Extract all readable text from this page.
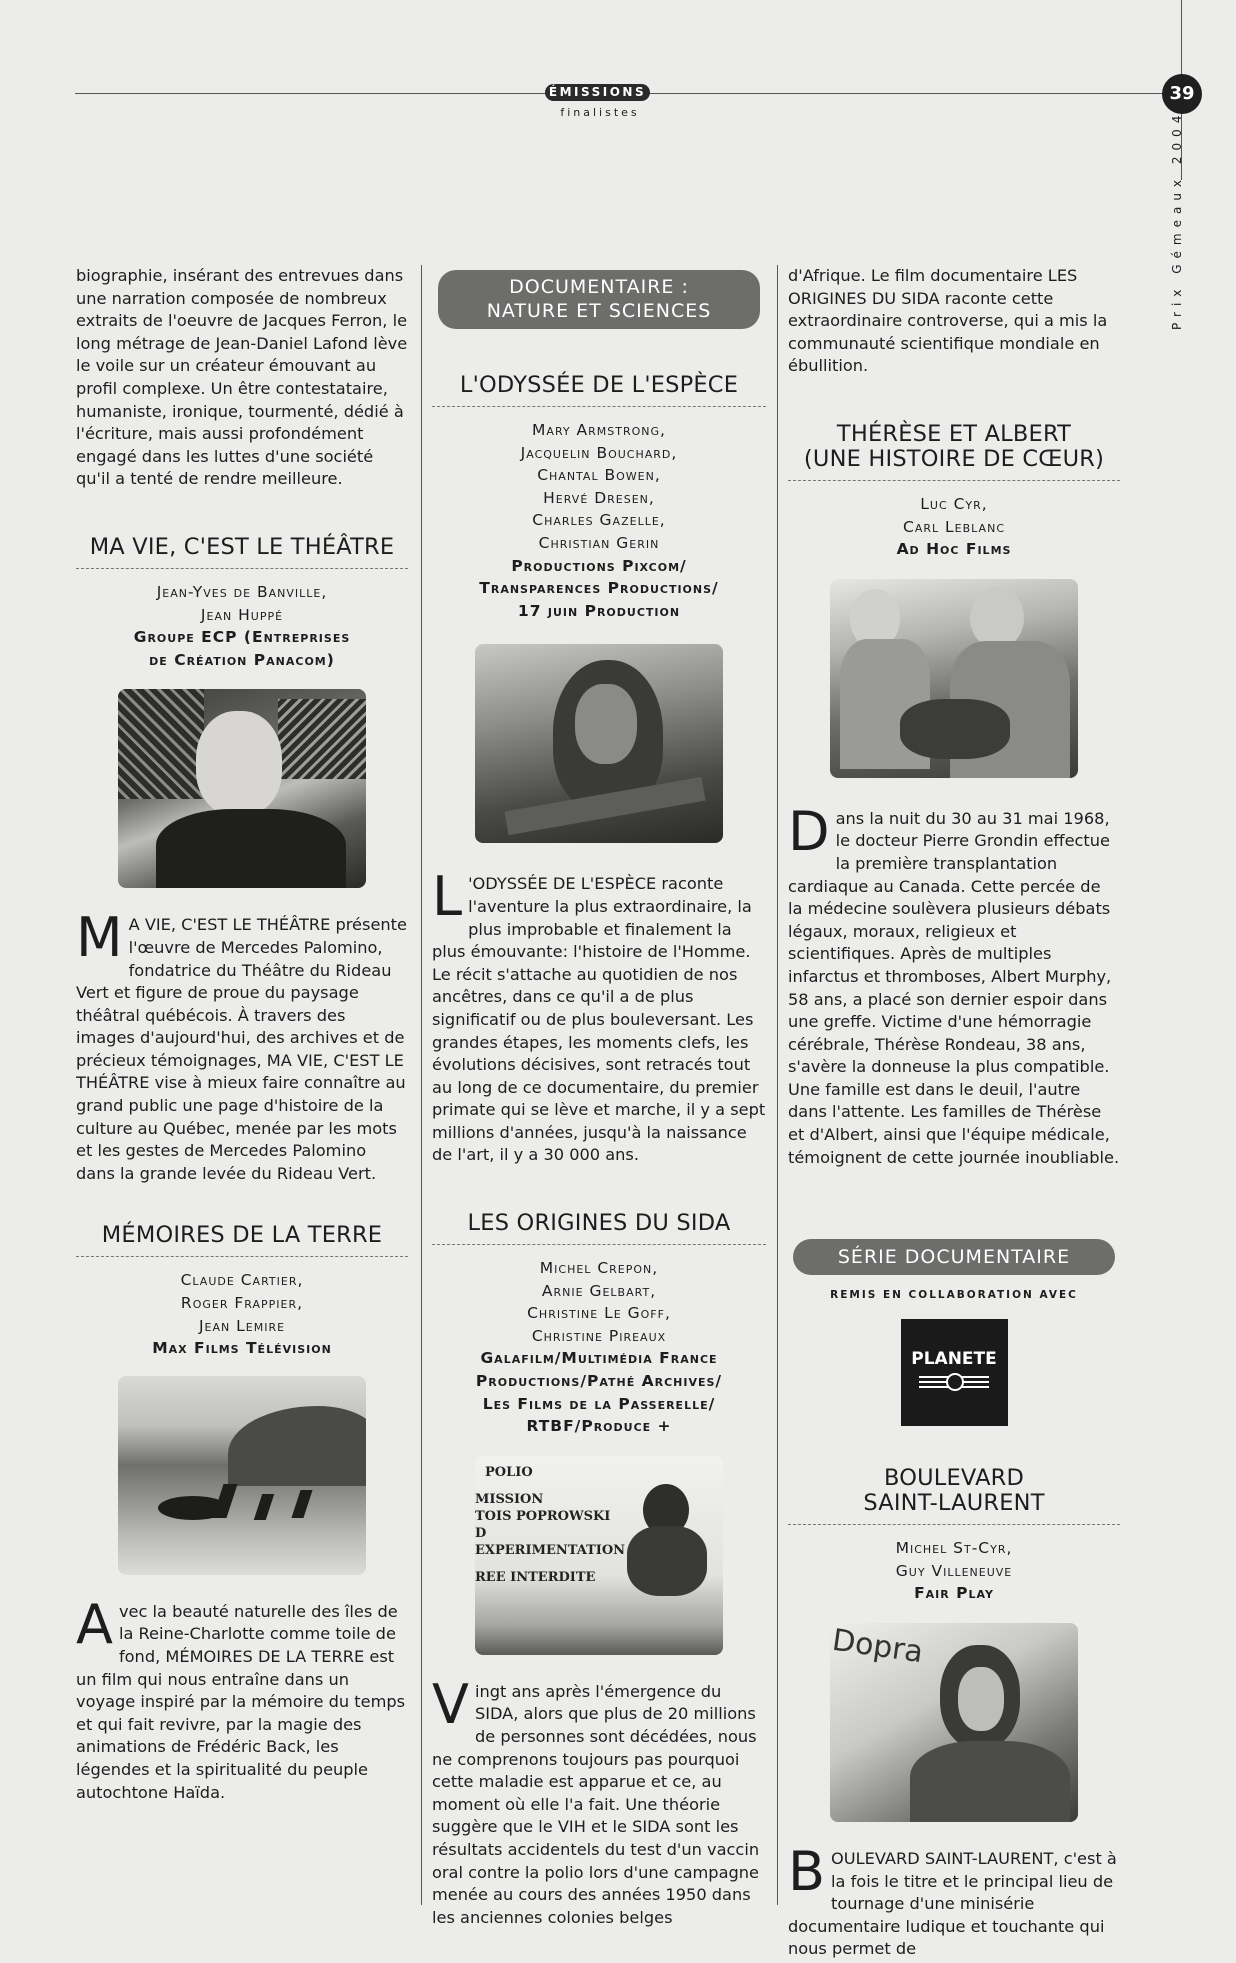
ÉMISSIONS
finalistes
39
Prix Gémeaux 2004

biographie, insérant des entrevues dans une narration composée de nombreux extraits de l'oeuvre de Jacques Ferron, le long métrage de Jean-Daniel Lafond lève le voile sur un créateur émouvant au profil complexe. Un être contestataire, humaniste, ironique, tourmenté, dédié à l'écriture, mais aussi profondément engagé dans les luttes d'une société qu'il a tenté de rendre meilleure.

MA VIE, C'EST LE THÉÂTRE
Jean-Yves de Banville,
Jean Huppé
Groupe ECP (Entreprises
de Création Panacom)

M A VIE, C'EST LE THÉÂTRE présente l'œuvre de Mercedes Palomino, fondatrice du Théâtre du Rideau Vert et figure de proue du paysage théâtral québécois. À travers des images d'aujourd'hui, des archives et de précieux témoignages, MA VIE, C'EST LE THÉÂTRE vise à mieux faire connaître au grand public une page d'histoire de la culture au Québec, menée par les mots et les gestes de Mercedes Palomino dans la grande levée du Rideau Vert.

MÉMOIRES DE LA TERRE
Claude Cartier,
Roger Frappier,
Jean Lemire
Max Films Télévision

Avec la beauté naturelle des îles de la Reine-Charlotte comme toile de fond, MÉMOIRES DE LA TERRE est un film qui nous entraîne dans un voyage inspiré par la mémoire du temps et qui fait revivre, par la magie des animations de Frédéric Back, les légendes et la spiritualité du peuple autochtone Haïda.

DOCUMENTAIRE :
NATURE ET SCIENCES
L'ODYSSÉE DE L'ESPÈCE
Mary Armstrong,
Jacquelin Bouchard,
Chantal Bowen,
Hervé Dresen,
Charles Gazelle,
Christian Gerin
Productions Pixcom/
Transparences Productions/
17 juin Production

L 'ODYSSÉE DE L'ESPÈCE raconte l'aventure la plus extraordinaire, la plus improbable et finalement la plus émouvante: l'histoire de l'Homme. Le récit s'attache au quotidien de nos ancêtres, dans ce qu'il a de plus significatif ou de plus bouleversant. Les grandes étapes, les moments clefs, les évolutions décisives, sont retracés tout au long de ce documentaire, du premier primate qui se lève et marche, il y a sept millions d'années, jusqu'à la naissance de l'art, il y a 30 000 ans.

LES ORIGINES DU SIDA
Michel Crepon,
Arnie Gelbart,
Christine Le Goff,
Christine Pireaux
Galafilm/Multimédia France
Productions/Pathé Archives/
Les Films de la Passerelle/
RTBF/Produce +
POLIO
MISSION
TOIS POPROWSKI
D EXPERIMENTATION
REE INTERDITE

Vingt ans après l'émergence du SIDA, alors que plus de 20 millions de personnes sont décédées, nous ne comprenons toujours pas pourquoi cette maladie est apparue et ce, au moment où elle l'a fait. Une théorie suggère que le VIH et le SIDA sont les résultats accidentels du test d'un vaccin oral contre la polio lors d'une campagne menée au cours des années 1950 dans les anciennes colonies belges

d'Afrique. Le film documentaire LES ORIGINES DU SIDA raconte cette extraordinaire controverse, qui a mis la communauté scientifique mondiale en ébullition.

THÉRÈSE ET ALBERT
(UNE HISTOIRE DE CŒUR)
Luc Cyr,
Carl Leblanc
Ad Hoc Films

Dans la nuit du 30 au 31 mai 1968, le docteur Pierre Grondin effectue la première transplantation cardiaque au Canada. Cette percée de la médecine soulèvera plusieurs débats légaux, moraux, religieux et scientifiques. Après de multiples infarctus et thromboses, Albert Murphy, 58 ans, a placé son dernier espoir dans une greffe. Victime d'une hémorragie cérébrale, Thérèse Rondeau, 38 ans, s'avère la donneuse la plus compatible. Une famille est dans le deuil, l'autre dans l'attente. Les familles de Thérèse et d'Albert, ainsi que l'équipe médicale, témoignent de cette journée inoubliable.

SÉRIE DOCUMENTAIRE
REMIS EN COLLABORATION AVEC
PLANETE
BOULEVARD
SAINT-LAURENT
Michel St-Cyr,
Guy Villeneuve
Fair Play
Dopra

BOULEVARD SAINT-LAURENT, c'est à la fois le titre et le principal lieu de tournage d'une minisérie documentaire ludique et touchante qui nous permet de
